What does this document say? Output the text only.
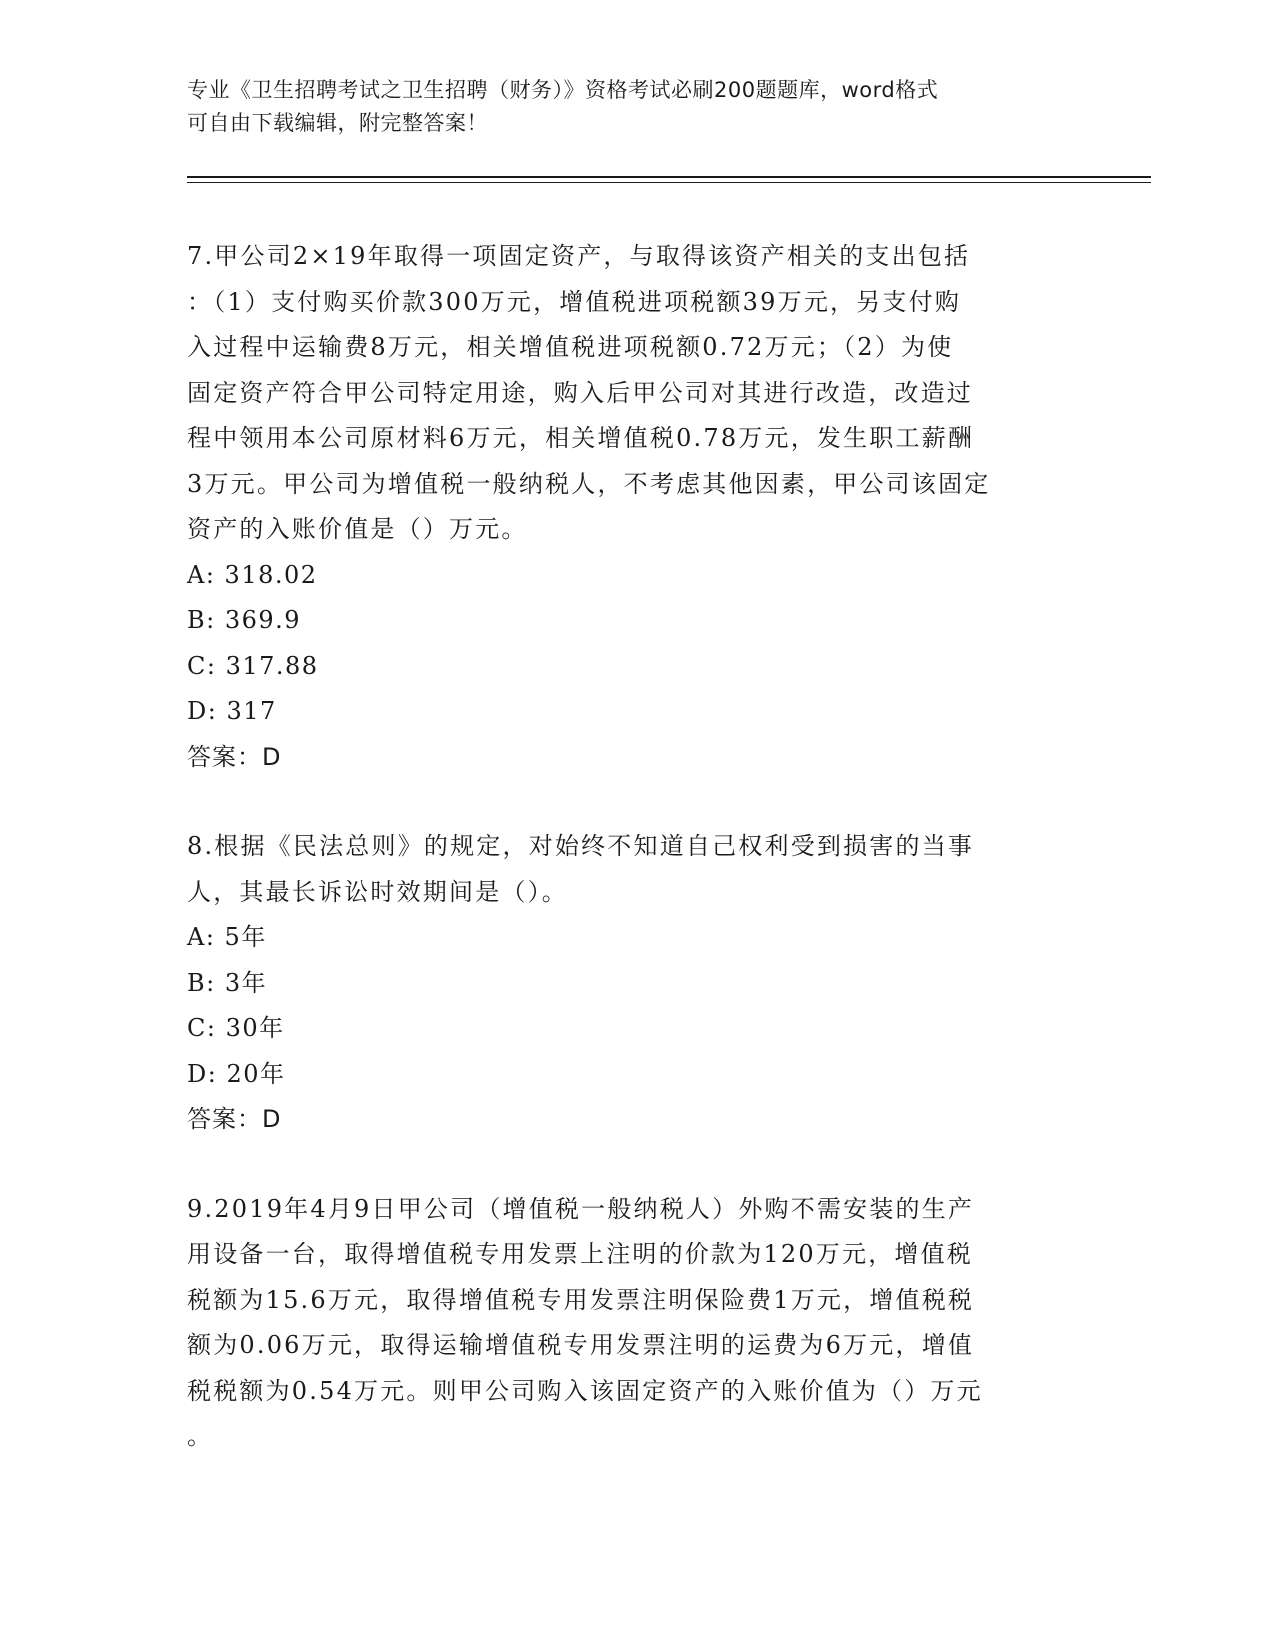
专业《卫生招聘考试之卫生招聘（财务）》资格考试必刷200题题库，word格式
可自由下载编辑，附完整答案！
7.甲公司2×19年取得一项固定资产，与取得该资产相关的支出包括
：（1）支付购买价款300万元，增值税进项税额39万元，另支付购
入过程中运输费8万元，相关增值税进项税额0.72万元；（2）为使
固定资产符合甲公司特定用途，购入后甲公司对其进行改造，改造过
程中领用本公司原材料6万元，相关增值税0.78万元，发生职工薪酬
3万元。甲公司为增值税一般纳税人，不考虑其他因素，甲公司该固定
资产的入账价值是（）万元。
A: 318.02
B: 369.9
C: 317.88
D: 317
答案：D
8.根据《民法总则》的规定，对始终不知道自己权利受到损害的当事
人，其最长诉讼时效期间是（）。
A: 5年
B: 3年
C: 30年
D: 20年
答案：D
9.2019年4月9日甲公司（增值税一般纳税人）外购不需安装的生产
用设备一台，取得增值税专用发票上注明的价款为120万元，增值税
税额为15.6万元，取得增值税专用发票注明保险费1万元，增值税税
额为0.06万元，取得运输增值税专用发票注明的运费为6万元，增值
税税额为0.54万元。则甲公司购入该固定资产的入账价值为（）万元
。
